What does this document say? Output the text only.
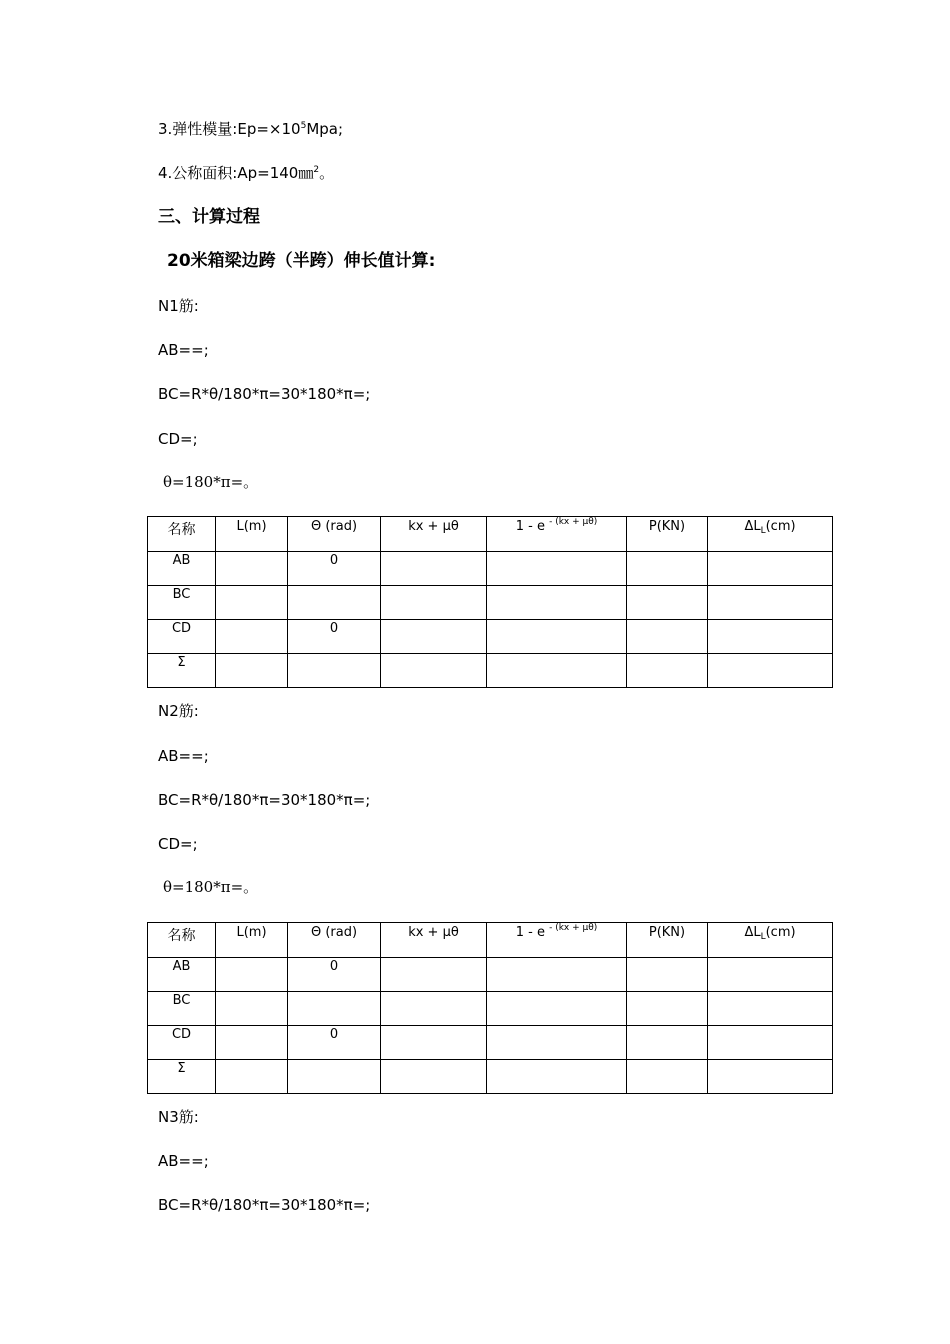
3.弹性模量$:Ep=\times 10^5Mpa$;
4.公称面积:Ap=140㎜$^2$。
三、计算过程
20米箱梁边跨（半跨）伸长值计算:
N1筋:
AB==;
BC=R*θ/180*π=30*180*π=;
CD=;
θ=180*π=。
名称	L(m)	Θ (rad)	kx + μθ	1 - e $^{- (kx + \mu\theta)}$	P(KN)	$\Delta L_L(cm)$

AB		0				

BC						

CD		0				

Σ						

N2筋:
AB==;
BC=R*θ/180*π=30*180*π=;
CD=;
θ=180*π=。
名称	L(m)	Θ (rad)	kx + μθ	1 - e $^{- (kx + \mu\theta)}$	P(KN)	$\Delta L_L(cm)$

AB		0				

BC						

CD		0				

Σ						

N3筋:
AB==;
BC=R*θ/180*π=30*180*π=;
